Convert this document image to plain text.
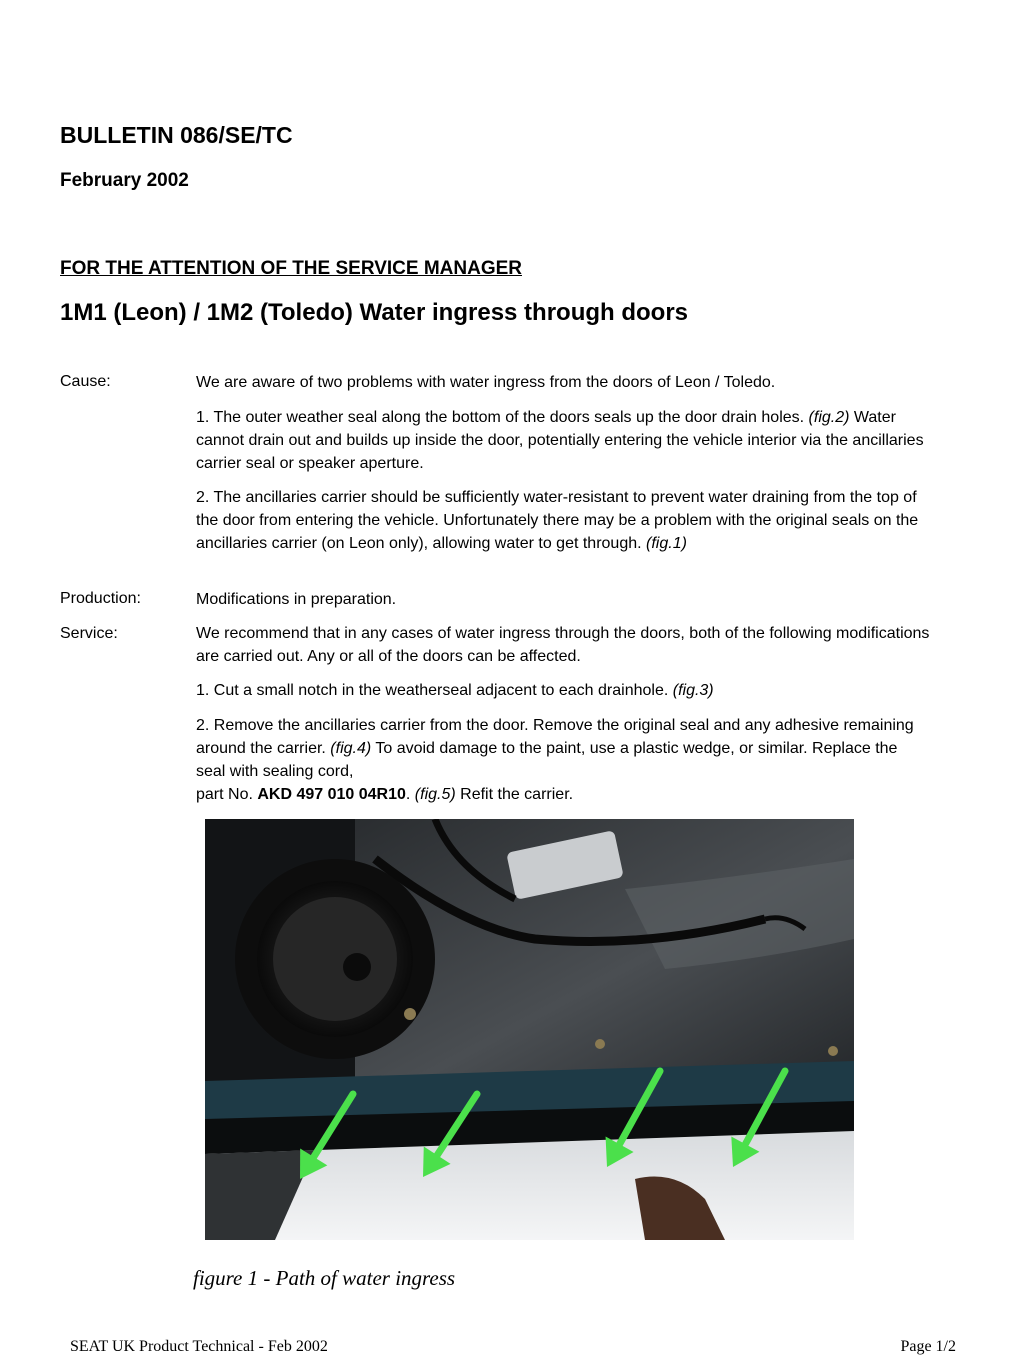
BULLETIN 086/SE/TC
February 2002
FOR THE ATTENTION OF THE SERVICE MANAGER
1M1 (Leon) / 1M2 (Toledo) Water ingress through doors
Cause:	We are aware of two problems with water ingress from the doors of Leon / Toledo.
1. The outer weather seal along the bottom of the doors seals up the door drain holes. (fig.2) Water cannot drain out and builds up inside the door, potentially entering the vehicle interior via the ancillaries carrier seal or speaker aperture.
2. The ancillaries carrier should be sufficiently water-resistant to prevent water draining from the top of the door from entering the vehicle. Unfortunately there may be a problem with the original seals on the ancillaries carrier (on Leon only), allowing water to get through. (fig.1)
Production:	Modifications in preparation.
Service:	We recommend that in any cases of water ingress through the doors, both of the following modifications are carried out. Any or all of the doors can be affected.
1. Cut a small notch in the weatherseal adjacent to each drainhole. (fig.3)
2. Remove the ancillaries carrier from the door. Remove the original seal and any adhesive remaining around the carrier. (fig.4) To avoid damage to the paint, use a plastic wedge, or similar. Replace the seal with sealing cord,
part No. AKD 497 010 04R10. (fig.5) Refit the carrier.
figure 1 - Path of water ingress
SEAT UK Product Technical - Feb 2002	Page 1/2
